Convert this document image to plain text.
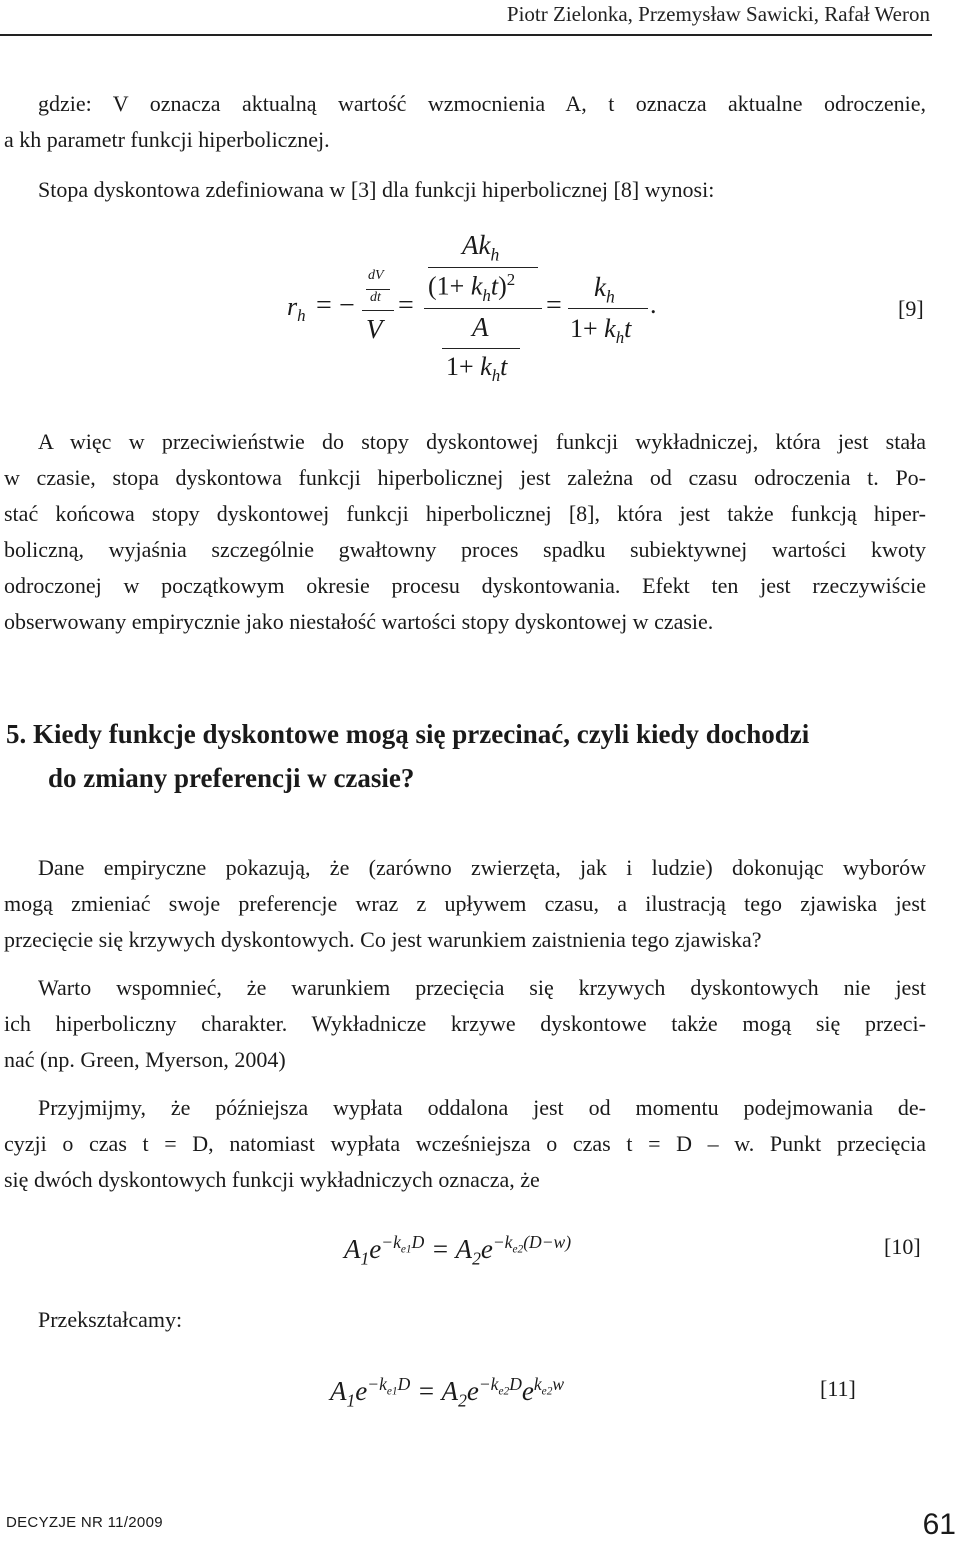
Piotr Zielonka, Przemysław Sawicki, Rafał Weron
gdzie: V oznacza aktualną wartość wzmocnienia A, t oznacza aktualne odroczenie,
a kh parametr funkcji hiperbolicznej.
Stopa dyskontowa zdefiniowana w [3] dla funkcji hiperbolicznej [8] wynosi:
$r_h$ = −
dV
dt
V
=
$Ak_h$
$(1+ k_ht)^2$
A
$1+ k_ht$
=
$k_h$
$1+ k_ht$
.	[9]
A więc w przeciwieństwie do stopy dyskontowej funkcji wykładniczej, która jest stała
w czasie, stopa dyskontowa funkcji hiperbolicznej jest zależna od czasu odroczenia t. Po-
stać końcowa stopy dyskontowej funkcji hiperbolicznej [8], która jest także funkcją hiper-
boliczną, wyjaśnia szczególnie gwałtowny proces spadku subiektywnej wartości kwoty
odroczonej w początkowym okresie procesu dyskontowania. Efekt ten jest rzeczywiście
obserwowany empirycznie jako niestałość wartości stopy dyskontowej w czasie.
5. Kiedy funkcje dyskontowe mogą się przecinać, czyli kiedy dochodzi
do zmiany preferencji w czasie?
Dane empiryczne pokazują, że (zarówno zwierzęta, jak i ludzie) dokonując wyborów
mogą zmieniać swoje preferencje wraz z upływem czasu, a ilustracją tego zjawiska jest
przecięcie się krzywych dyskontowych. Co jest warunkiem zaistnienia tego zjawiska?
Warto wspomnieć, że warunkiem przecięcia się krzywych dyskontowych nie jest
ich hiperboliczny charakter. Wykładnicze krzywe dyskontowe także mogą się przeci-
nać (np. Green, Myerson, 2004)
Przyjmijmy, że późniejsza wypłata oddalona jest od momentu podejmowania de-
cyzji o czas t = D, natomiast wypłata wcześniejsza o czas t = D – w. Punkt przecięcia
się dwóch dyskontowych funkcji wykładniczych oznacza, że
$A_1e^{-k_{e1}D} = A_2e^{-k_{e2}(D-w)}$	[10]
Przekształcamy:
$A_1e^{-k_{e1}D} = A_2e^{-k_{e2}D}e^{k_{e2}w}$	[11]
DECYZJE NR 11/2009	61
